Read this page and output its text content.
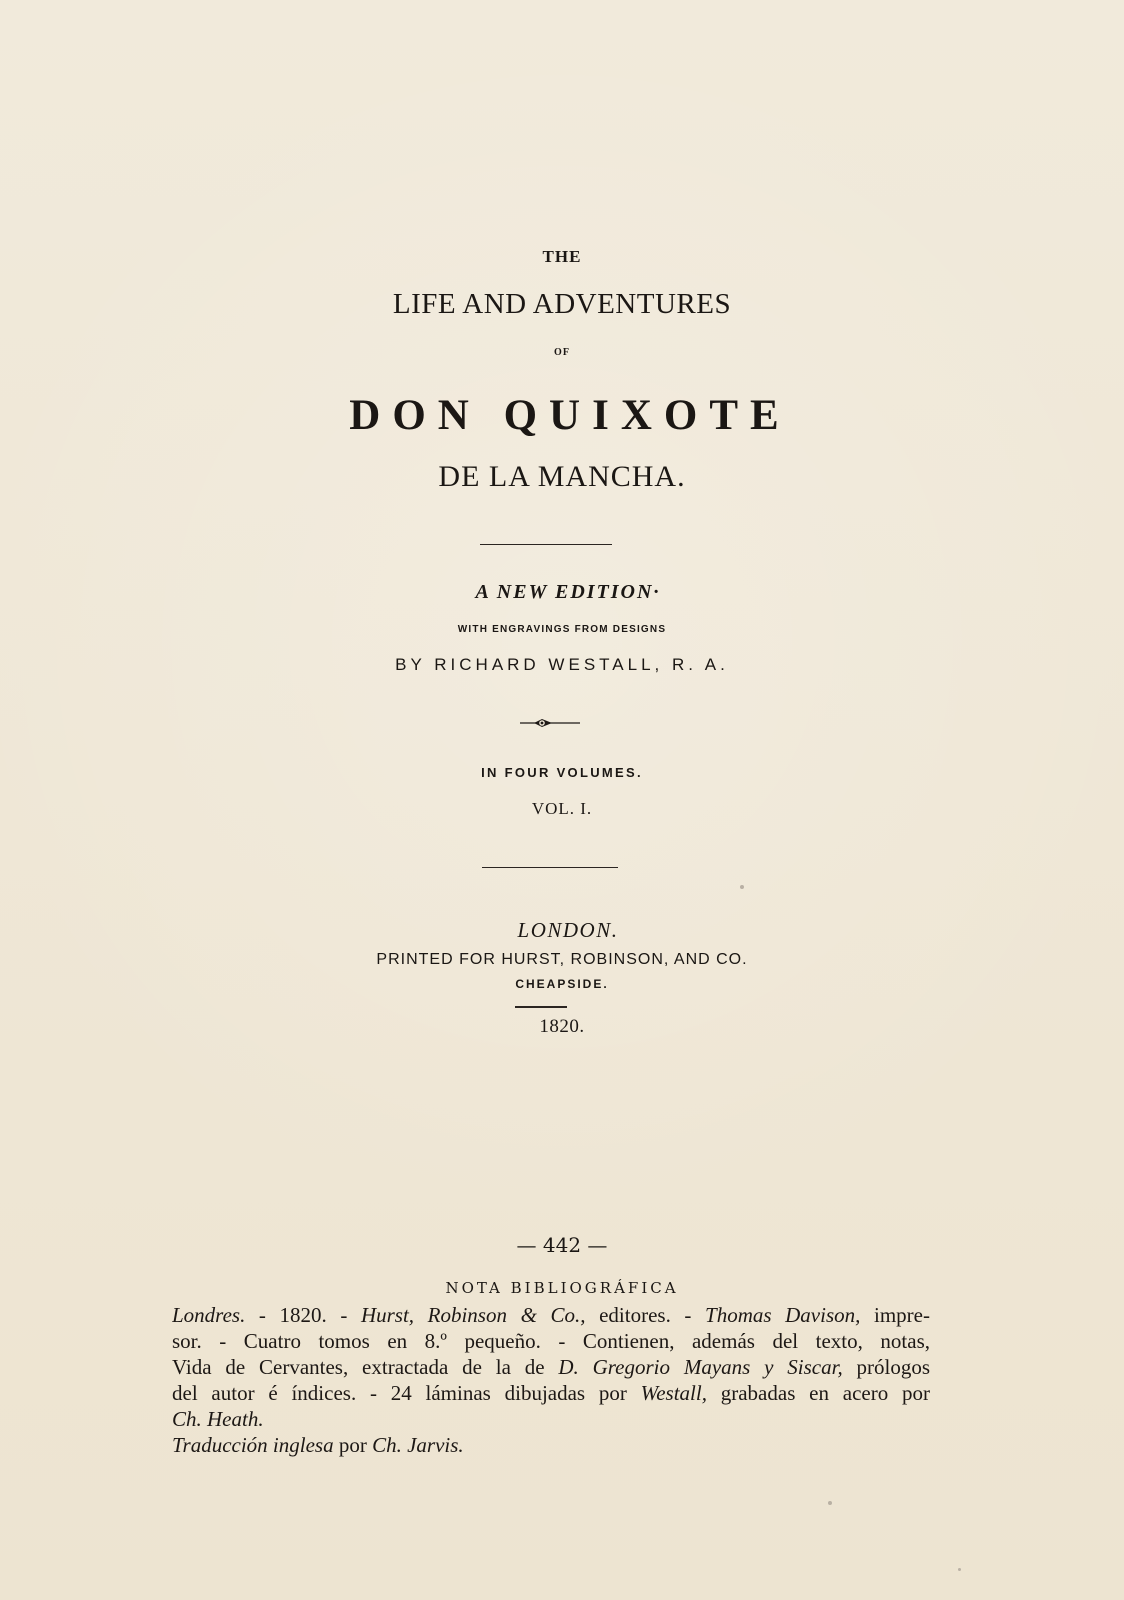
THE
LIFE AND ADVENTURES
OF
DON QUIXOTE
DE LA MANCHA.
A NEW EDITION·
WITH ENGRAVINGS FROM DESIGNS
BY RICHARD WESTALL, R. A.
IN FOUR VOLUMES.
VOL. I.
LONDON.
PRINTED FOR HURST, ROBINSON, AND CO.
CHEAPSIDE.
1820.
— 442 —
NOTA BIBLIOGRÁFICA
Londres. - 1820. - Hurst, Robinson & Co., editores. - Thomas Davison, impre-
sor. - Cuatro tomos en 8.º pequeño. - Contienen, además del texto, notas,
Vida de Cervantes, extractada de la de D. Gregorio Mayans y Siscar, prólogos
del autor é índices. - 24 láminas dibujadas por Westall, grabadas en acero por
Ch. Heath.
Traducción inglesa por Ch. Jarvis.
